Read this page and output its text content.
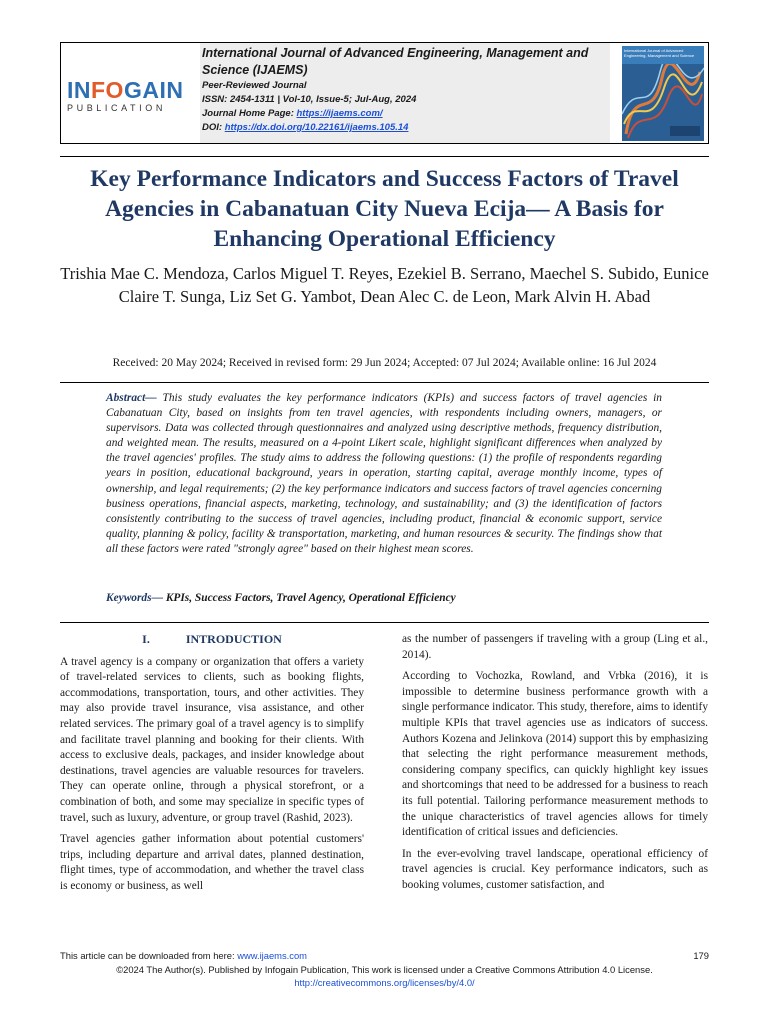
INFOGAIN
PUBLICATION
International Journal of Advanced Engineering, Management and Science (IJAEMS)
Peer-Reviewed Journal
ISSN: 2454-1311 | Vol-10, Issue-5; Jul-Aug, 2024
Journal Home Page: https://ijaems.com/
DOI: https://dx.doi.org/10.22161/ijaems.105.14
International Journal of Advanced Engineering, Management and Science
Key Performance Indicators and Success Factors of Travel Agencies in Cabanatuan City Nueva Ecija— A Basis for Enhancing Operational Efficiency
Trishia Mae C. Mendoza, Carlos Miguel T. Reyes, Ezekiel B. Serrano, Maechel S. Subido, Eunice Claire T. Sunga, Liz Set G. Yambot, Dean Alec C. de Leon, Mark Alvin H. Abad
Received: 20 May 2024; Received in revised form: 29 Jun 2024; Accepted: 07 Jul 2024; Available online: 16 Jul 2024
Abstract— This study evaluates the key performance indicators (KPIs) and success factors of travel agencies in Cabanatuan City, based on insights from ten travel agencies, with respondents including owners, managers, or supervisors. Data was collected through questionnaires and analyzed using descriptive methods, frequency distribution, and weighted mean. The results, measured on a 4-point Likert scale, highlight significant differences when analyzed by the travel agencies' profiles. The study aims to address the following questions: (1) the profile of respondents regarding years in position, educational background, years in operation, starting capital, average monthly income, types of ownership, and legal requirements; (2) the key performance indicators and success factors of travel agencies concerning business operations, financial aspects, marketing, technology, and sustainability; and (3) the identification of factors consistently contributing to the success of travel agencies, including product, financial & economic support, service quality, planning & policy, facility & transportation, marketing, and human resources & security. The findings show that all these factors were rated "strongly agree" based on their highest mean scores.
Keywords— KPIs, Success Factors, Travel Agency, Operational Efficiency
I.	INTRODUCTION

A travel agency is a company or organization that offers a variety of travel-related services to clients, such as booking flights, accommodations, transportation, tours, and other activities. They may also provide travel insurance, visa assistance, and other related services. The primary goal of a travel agency is to simplify and facilitate travel planning and booking for their clients. With access to exclusive deals, packages, and insider knowledge about destinations, travel agencies are valuable resources for travelers. They can operate online, through a physical storefront, or a combination of both, and some may specialize in specific types of travel, such as luxury, adventure, or group travel (Rashid, 2023).

Travel agencies gather information about potential customers' trips, including departure and arrival dates, planned destination, flight times, type of accommodation, and whether the travel class is economy or business, as well

as the number of passengers if traveling with a group (Ling et al., 2014).

According to Vochozka, Rowland, and Vrbka (2016), it is impossible to determine business performance growth with a single performance indicator. This study, therefore, aims to identify multiple KPIs that travel agencies use as indicators of success. Authors Kozena and Jelinkova (2014) support this by emphasizing that selecting the right performance measurement methods, considering company specifics, can quickly highlight key issues and shortcomings that need to be addressed for a business to reach its full potential. Tailoring performance measurement methods to the unique characteristics of travel agencies allows for timely identification of critical issues and deficiencies.

In the ever-evolving travel landscape, operational efficiency of travel agencies is crucial. Key performance indicators, such as booking volumes, customer satisfaction, and

This article can be downloaded from here: www.ijaems.com	179
©2024 The Author(s). Published by Infogain Publication, This work is licensed under a Creative Commons Attribution 4.0 License.
http://creativecommons.org/licenses/by/4.0/
